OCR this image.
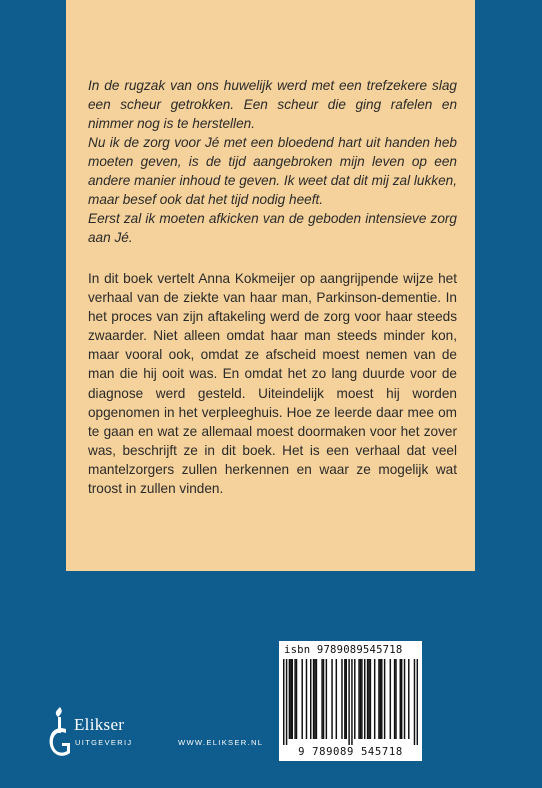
In de rugzak van ons huwelijk werd met een trefzekere slag een scheur getrokken. Een scheur die ging rafelen en nimmer nog is te herstellen.
Nu ik de zorg voor Jé met een bloedend hart uit handen heb moeten geven, is de tijd aangebroken mijn leven op een andere manier inhoud te geven. Ik weet dat dit mij zal lukken, maar besef ook dat het tijd nodig heeft.
Eerst zal ik moeten afkicken van de geboden intensieve zorg aan Jé.

In dit boek vertelt Anna Kokmeijer op aangrijpende wijze het verhaal van de ziekte van haar man, Parkinson-dementie. In het proces van zijn aftakeling werd de zorg voor haar steeds zwaarder. Niet alleen omdat haar man steeds minder kon, maar vooral ook, omdat ze afscheid moest nemen van de man die hij ooit was. En omdat het zo lang duurde voor de diagnose werd gesteld. Uiteindelijk moest hij worden opgenomen in het verpleeghuis. Hoe ze leerde daar mee om te gaan en wat ze allemaal moest doormaken voor het zover was, beschrijft ze in dit boek. Het is een verhaal dat veel mantelzorgers zullen herkennen en waar ze mogelijk wat troost in zullen vinden.

isbn 9789089545718
9 789089 545718
Elikser
UITGEVERIJ	WWW.ELIKSER.NL
